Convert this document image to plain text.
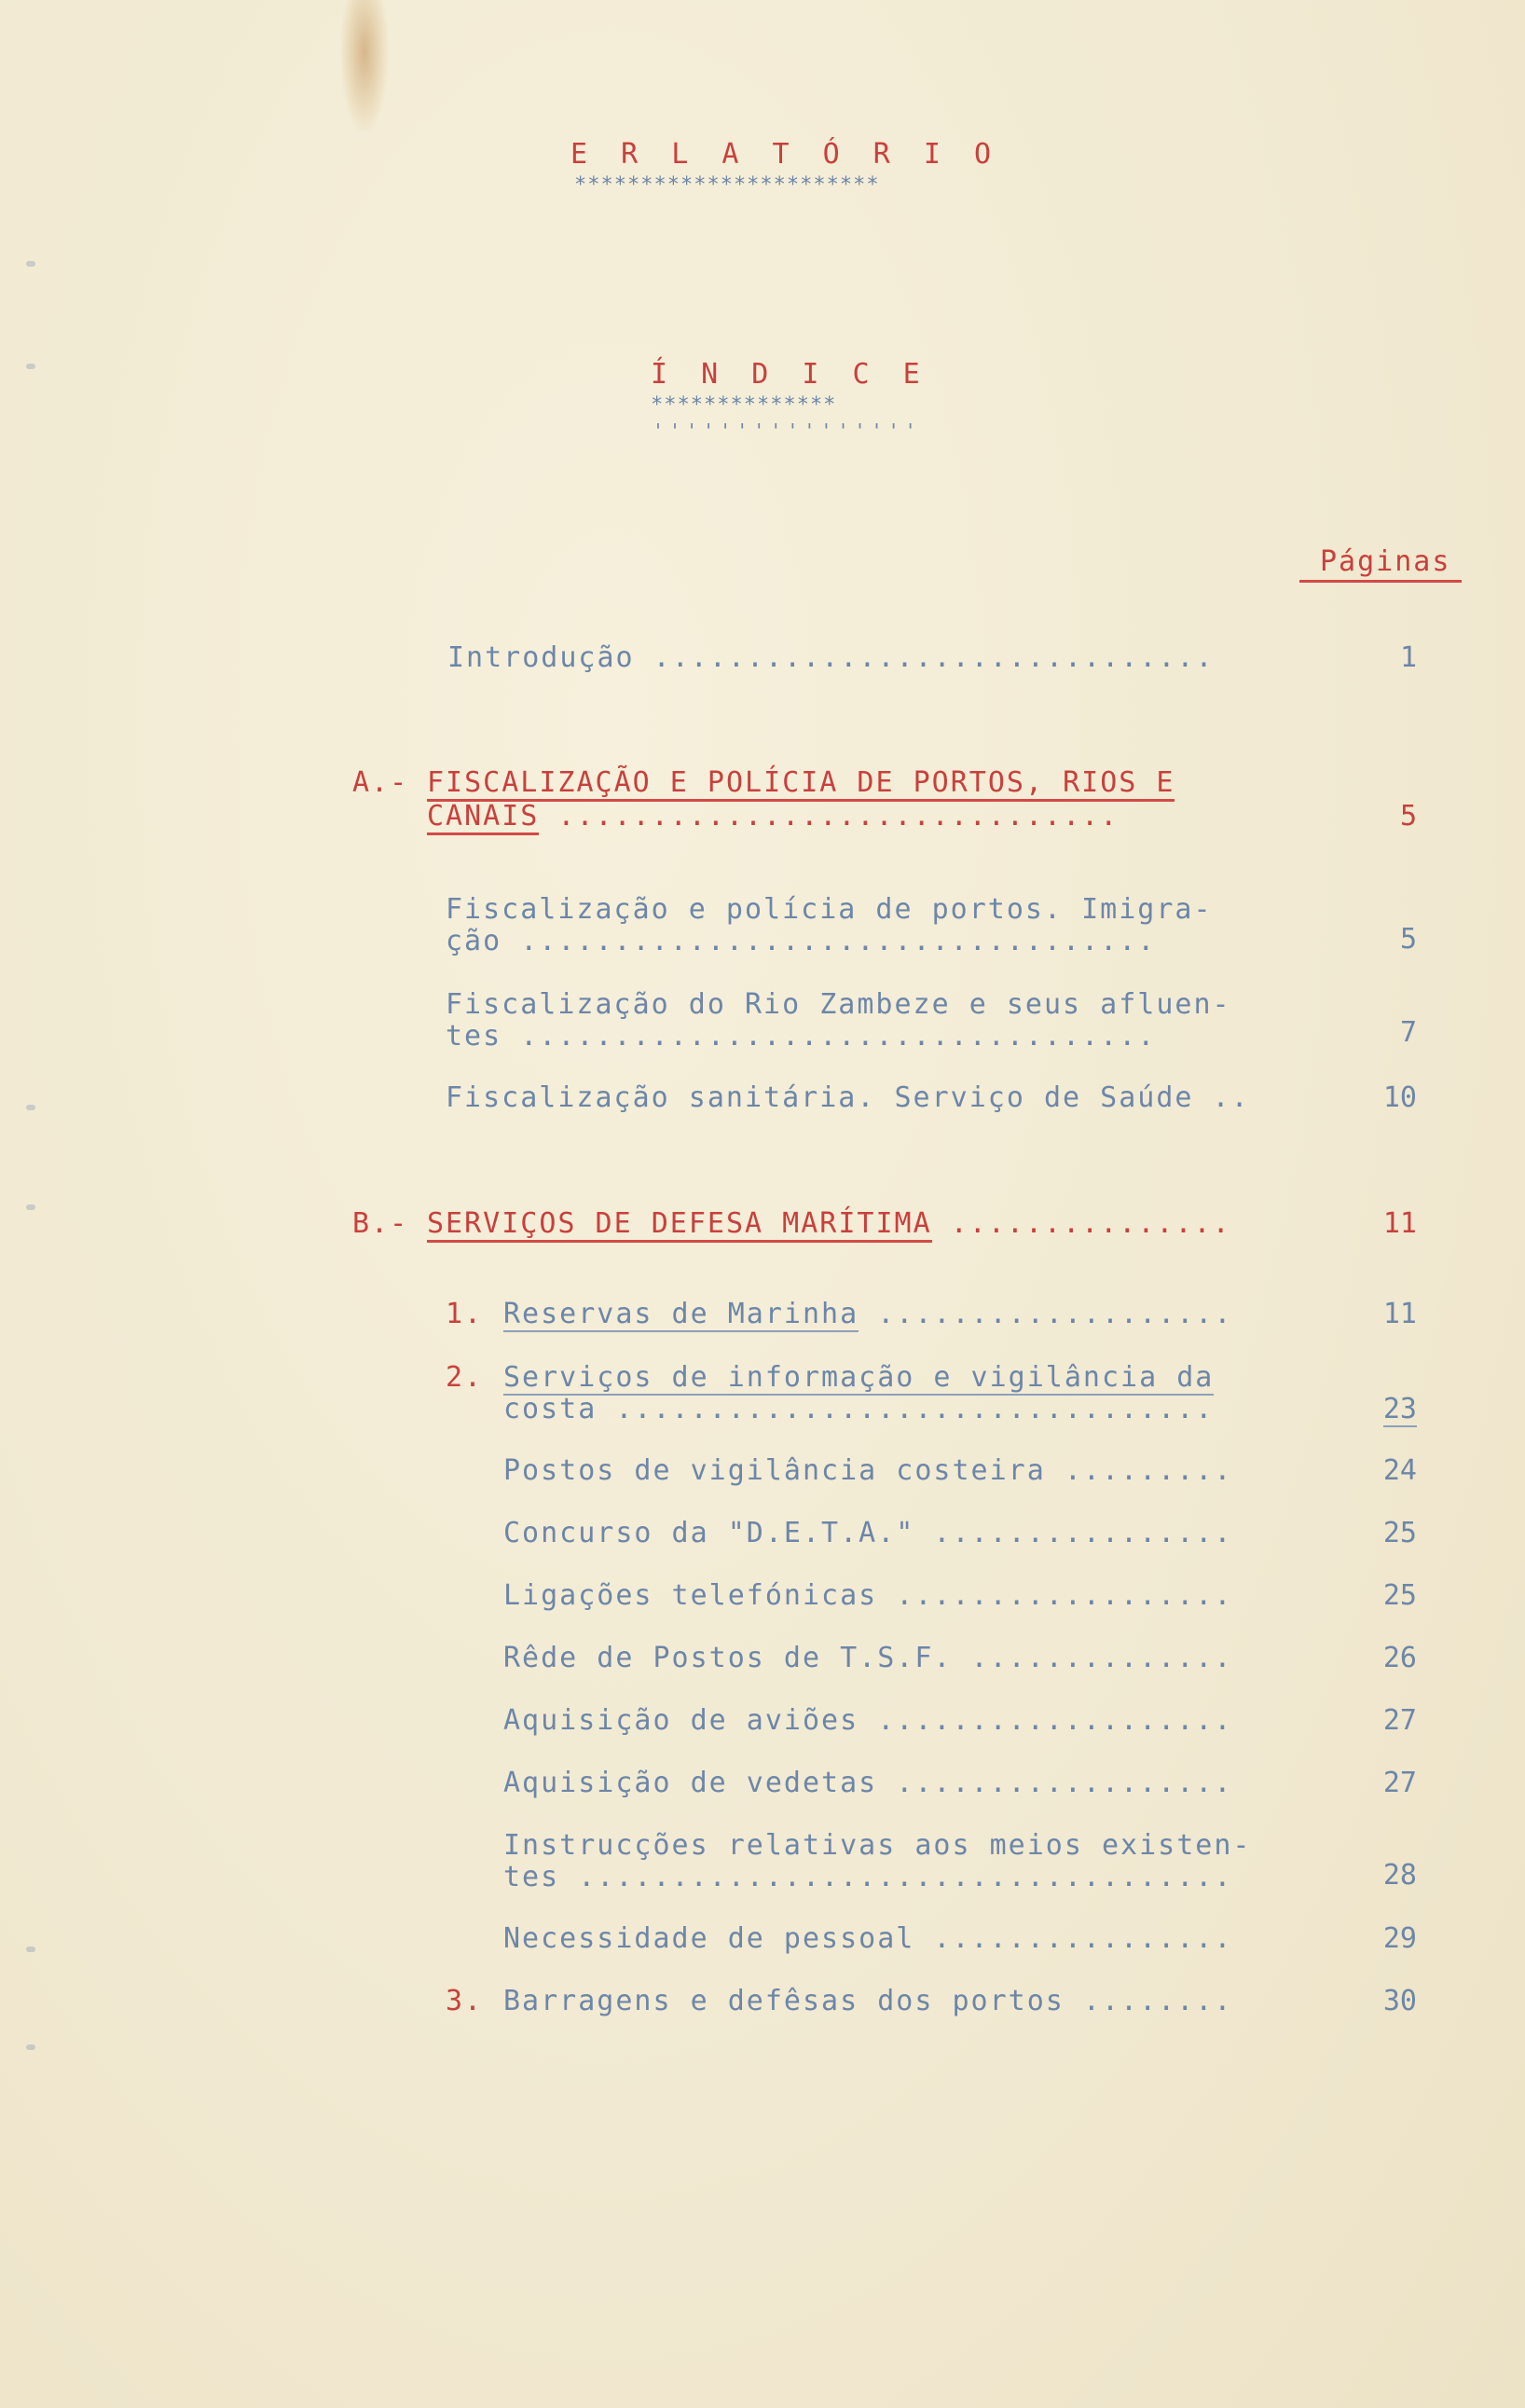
E R L A T Ó R I O
***********************
Í N D I C E
**************
''''''''''''''''
Páginas
Introdução ..............................	1
A.- FISCALIZAÇÃO E POLÍCIA DE PORTOS, RIOS E
CANAIS ..............................	5
Fiscalização e polícia de portos. Imigra-
ção ..................................	5
Fiscalização do Rio Zambeze e seus afluen-
tes ..................................	7
Fiscalização sanitária. Serviço de Saúde ..	10
B.- SERVIÇOS DE DEFESA MARÍTIMA ...............	11
1. Reservas de Marinha ...................	11
2. Serviços de informação e vigilância da
costa ................................	23
Postos de vigilância costeira .........	24
Concurso da "D.E.T.A." ................	25
Ligações telefónicas ..................	25
Rêde de Postos de T.S.F. ..............	26
Aquisição de aviões ...................	27
Aquisição de vedetas ..................	27
Instrucções relativas aos meios existen-
tes ...................................	28
Necessidade de pessoal ................	29
3. Barragens e defêsas dos portos ........	30
